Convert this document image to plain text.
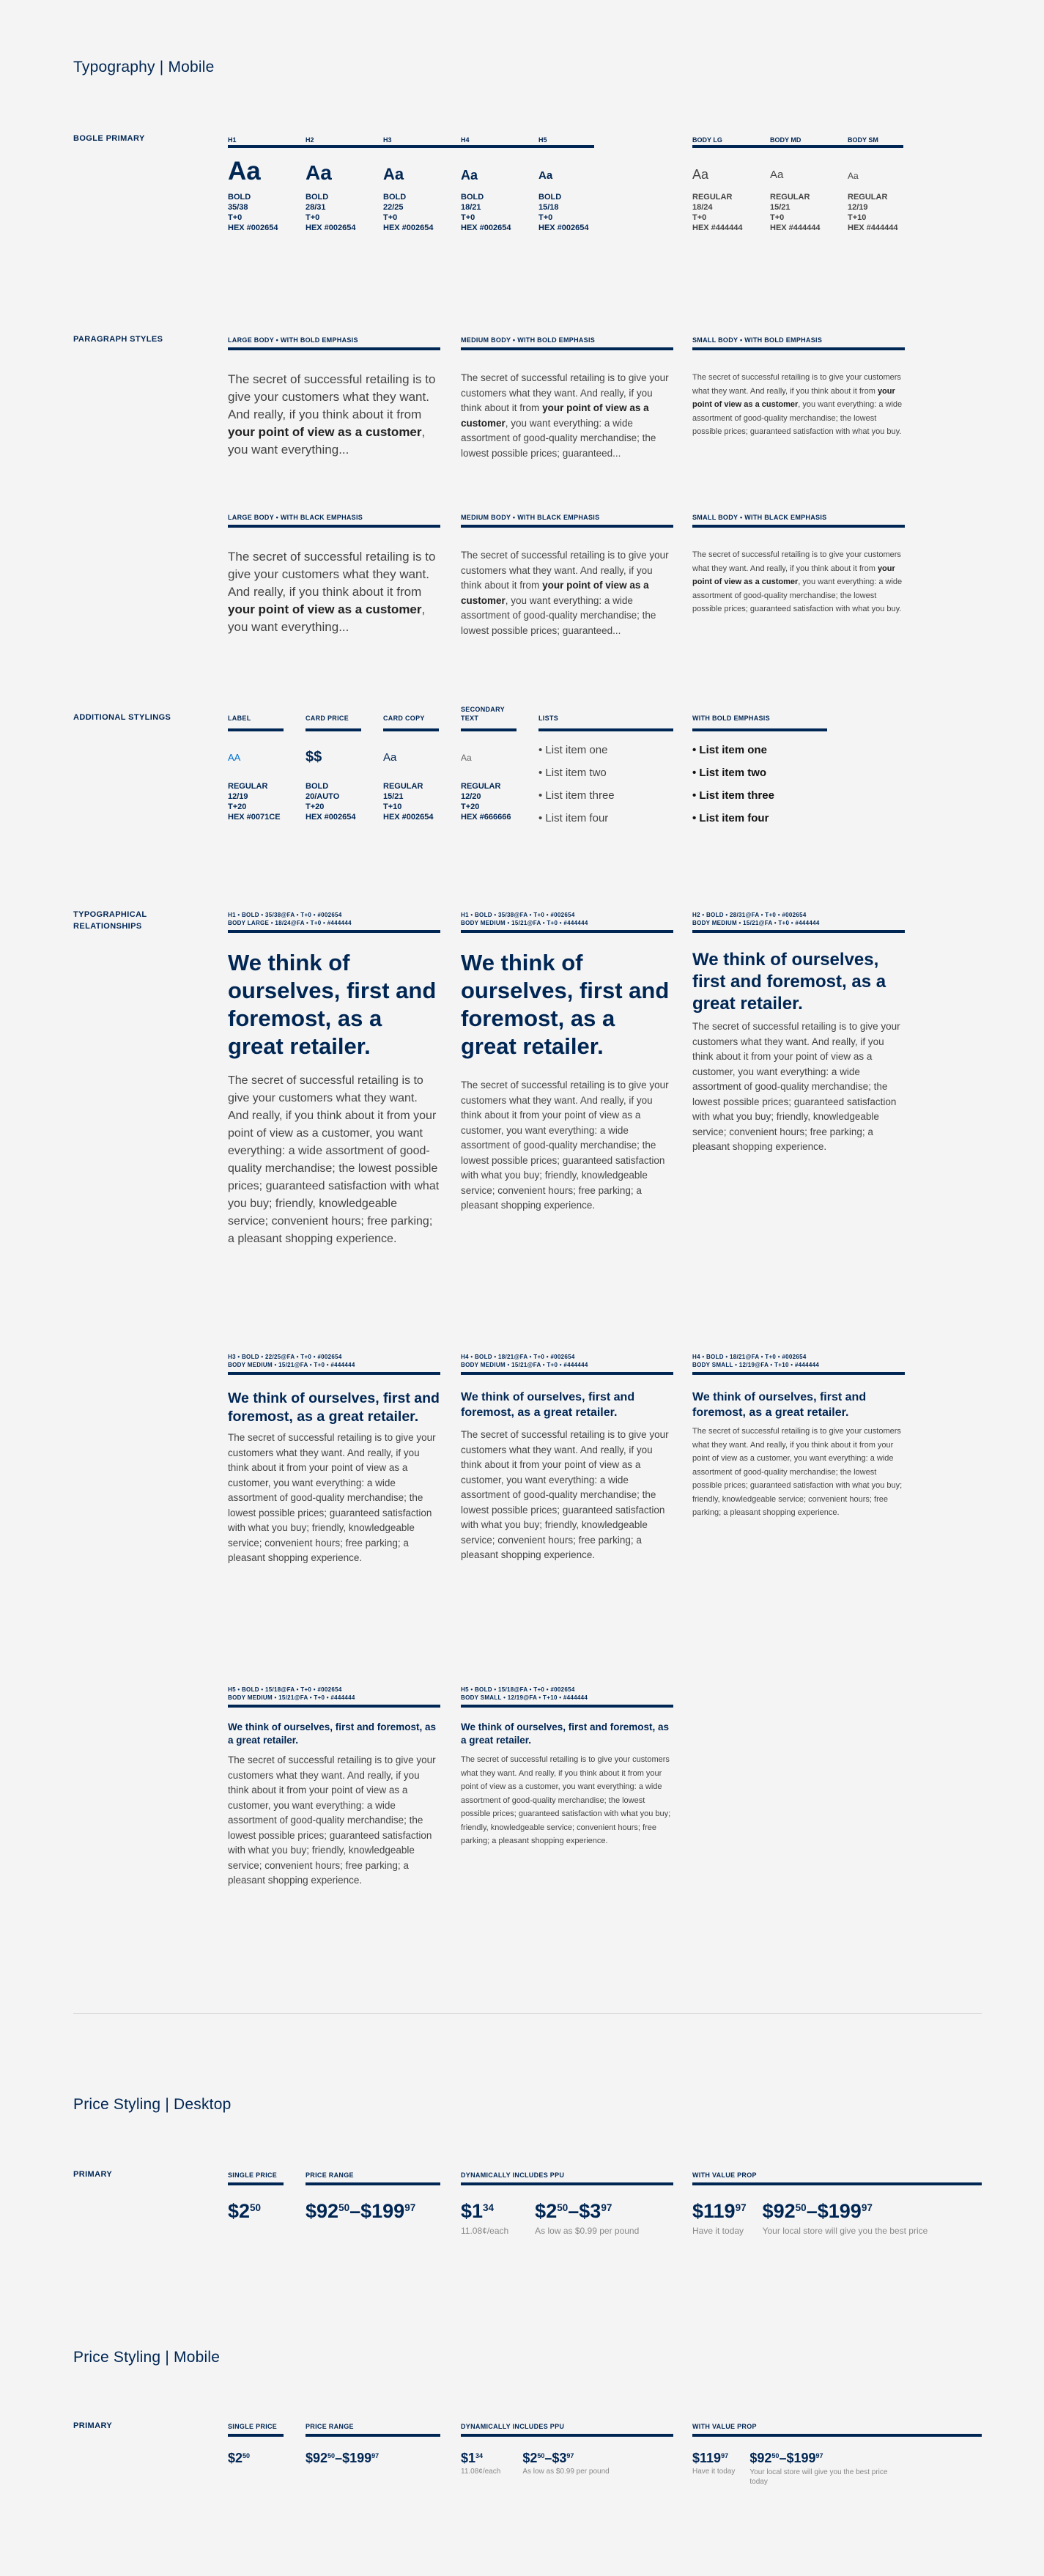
Typography | Mobile
BOGLE PRIMARY	H1
Aa
BOLD
35/38
T+0
HEX #002654
H2
Aa
BOLD
28/31
T+0
HEX #002654
H3
Aa
BOLD
22/25
T+0
HEX #002654
H4
Aa
BOLD
18/21
T+0
HEX #002654
H5
Aa
BOLD
15/18
T+0
HEX #002654
BODY LG
Aa
REGULAR
18/24
T+0
HEX #444444
BODY MD
Aa
REGULAR
15/21
T+0
HEX #444444
BODY SM
Aa
REGULAR
12/19
T+10
HEX #444444
PARAGRAPH STYLES	LARGE BODY • WITH BOLD EMPHASIS
The secret of successful retailing is to give your customers what they want. And really, if you think about it from your point of view as a customer, you want everything...
MEDIUM BODY • WITH BOLD EMPHASIS
The secret of successful retailing is to give your customers what they want. And really, if you think about it from your point of view as a customer, you want everything: a wide assortment of good-quality merchandise; the lowest possible prices; guaranteed...
SMALL BODY • WITH BOLD EMPHASIS
The secret of successful retailing is to give your customers what they want. And really, if you think about it from your point of view as a customer, you want everything: a wide assortment of good-quality merchandise; the lowest possible prices; guaranteed satisfaction with what you buy.
LARGE BODY • WITH BLACK EMPHASIS
The secret of successful retailing is to give your customers what they want. And really, if you think about it from your point of view as a customer, you want everything...
MEDIUM BODY • WITH BLACK EMPHASIS
The secret of successful retailing is to give your customers what they want. And really, if you think about it from your point of view as a customer, you want everything: a wide assortment of good-quality merchandise; the lowest possible prices; guaranteed...
SMALL BODY • WITH BLACK EMPHASIS
The secret of successful retailing is to give your customers what they want. And really, if you think about it from your point of view as a customer, you want everything: a wide assortment of good-quality merchandise; the lowest possible prices; guaranteed satisfaction with what you buy.
ADDITIONAL STYLINGS	LABEL
AA
REGULAR
12/19
T+20
HEX #0071CE
CARD PRICE
$$
BOLD
20/AUTO
T+20
HEX #002654
CARD COPY
Aa
REGULAR
15/21
T+10
HEX #002654
SECONDARY TEXT
Aa
REGULAR
12/20
T+20
HEX #666666
LISTS
• List item one
• List item two
• List item three
• List item four
WITH BOLD EMPHASIS
• List item one
• List item two
• List item three
• List item four
TYPOGRAPHICAL RELATIONSHIPS
H1 • BOLD • 35/38@FA • T+0 • #002654
BODY LARGE • 18/24@FA • T+0 • #444444
We think of ourselves, first and foremost, as a great retailer.
The secret of successful retailing is to give your customers what they want. And really, if you think about it from your point of view as a customer, you want everything: a wide assortment of good-quality merchandise; the lowest possible prices; guaranteed satisfaction with what you buy; friendly, knowledgeable service; convenient hours; free parking; a pleasant shopping experience.
H1 • BOLD • 35/38@FA • T+0 • #002654
BODY MEDIUM • 15/21@FA • T+0 • #444444
We think of ourselves, first and foremost, as a great retailer.
The secret of successful retailing is to give your customers what they want. And really, if you think about it from your point of view as a customer, you want everything: a wide assortment of good-quality merchandise; the lowest possible prices; guaranteed satisfaction with what you buy; friendly, knowledgeable service; convenient hours; free parking; a pleasant shopping experience.
H2 • BOLD • 28/31@FA • T+0 • #002654
BODY MEDIUM • 15/21@FA • T+0 • #444444
We think of ourselves, first and foremost, as a great retailer.
The secret of successful retailing is to give your customers what they want. And really, if you think about it from your point of view as a customer, you want everything: a wide assortment of good-quality merchandise; the lowest possible prices; guaranteed satisfaction with what you buy; friendly, knowledgeable service; convenient hours; free parking; a pleasant shopping experience.
H3 • BOLD • 22/25@FA • T+0 • #002654
BODY MEDIUM • 15/21@FA • T+0 • #444444
We think of ourselves, first and foremost, as a great retailer.
The secret of successful retailing is to give your customers what they want. And really, if you think about it from your point of view as a customer, you want everything: a wide assortment of good-quality merchandise; the lowest possible prices; guaranteed satisfaction with what you buy; friendly, knowledgeable service; convenient hours; free parking; a pleasant shopping experience.
H4 • BOLD • 18/21@FA • T+0 • #002654
BODY MEDIUM • 15/21@FA • T+0 • #444444
We think of ourselves, first and foremost, as a great retailer.
The secret of successful retailing is to give your customers what they want. And really, if you think about it from your point of view as a customer, you want everything: a wide assortment of good-quality merchandise; the lowest possible prices; guaranteed satisfaction with what you buy; friendly, knowledgeable service; convenient hours; free parking; a pleasant shopping experience.
H4 • BOLD • 18/21@FA • T+0 • #002654
BODY SMALL • 12/19@FA • T+10 • #444444
We think of ourselves, first and foremost, as a great retailer.
The secret of successful retailing is to give your customers what they want. And really, if you think about it from your point of view as a customer, you want everything: a wide assortment of good-quality merchandise; the lowest possible prices; guaranteed satisfaction with what you buy; friendly, knowledgeable service; convenient hours; free parking; a pleasant shopping experience.
H5 • BOLD • 15/18@FA • T+0 • #002654
BODY MEDIUM • 15/21@FA • T+0 • #444444
We think of ourselves, first and foremost, as a great retailer.
The secret of successful retailing is to give your customers what they want. And really, if you think about it from your point of view as a customer, you want everything: a wide assortment of good-quality merchandise; the lowest possible prices; guaranteed satisfaction with what you buy; friendly, knowledgeable service; convenient hours; free parking; a pleasant shopping experience.
H5 • BOLD • 15/18@FA • T+0 • #002654
BODY SMALL • 12/19@FA • T+10 • #444444
We think of ourselves, first and foremost, as a great retailer.
The secret of successful retailing is to give your customers what they want. And really, if you think about it from your point of view as a customer, you want everything: a wide assortment of good-quality merchandise; the lowest possible prices; guaranteed satisfaction with what you buy; friendly, knowledgeable service; convenient hours; free parking; a pleasant shopping experience.
Price Styling | Desktop
PRIMARY	SINGLE PRICE
$\$2^{50}$
PRICE RANGE
$\$92^{50}-\$199^{97}$
DYNAMICALLY INCLUDES PPU
$\$1^{34}$
11.08¢/each
$\$2^{50}-\$3^{97}$
As low as $0.99 per pound
WITH VALUE PROP
$\$119^{97}$
Have it today
$\$92^{50}-\$199^{97}$
Your local store will give you the best price
Price Styling | Mobile
PRIMARY	SINGLE PRICE
$\$2^{50}$
PRICE RANGE
$\$92^{50}-\$199^{97}$
DYNAMICALLY INCLUDES PPU
$\$1^{34}$
11.08¢/each
$\$2^{50}-\$3^{97}$
As low as $0.99 per pound
WITH VALUE PROP
$\$119^{97}$
Have it today
$\$92^{50}-\$199^{97}$
Your local store will give you the best price today
